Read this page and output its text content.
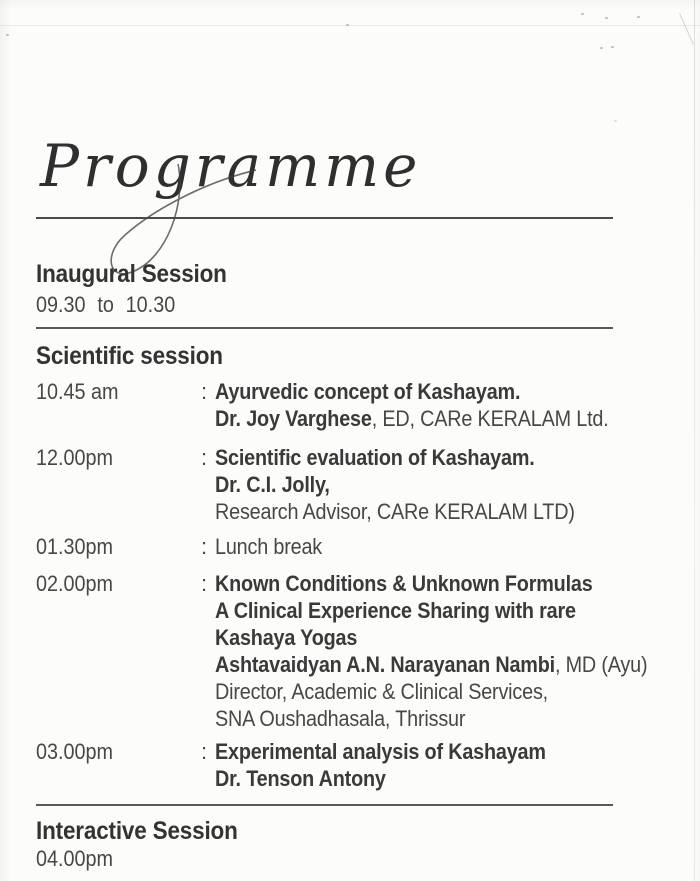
Programme
Inaugural Session
09.30 to 10.30
Scientific session
10.45 am	: Ayurvedic concept of Kashayam.
Dr. Joy Varghese, ED, CARe KERALAM Ltd.
12.00pm	: Scientific evaluation of Kashayam.
Dr. C.I. Jolly,
Research Advisor, CARe KERALAM LTD)
01.30pm	: Lunch break
02.00pm	: Known Conditions & Unknown Formulas
A Clinical Experience Sharing with rare
Kashaya Yogas
Ashtavaidyan A.N. Narayanan Nambi, MD (Ayu)
Director, Academic & Clinical Services,
SNA Oushadhasala, Thrissur
03.00pm	: Experimental analysis of Kashayam
Dr. Tenson Antony
Interactive Session
04.00pm
